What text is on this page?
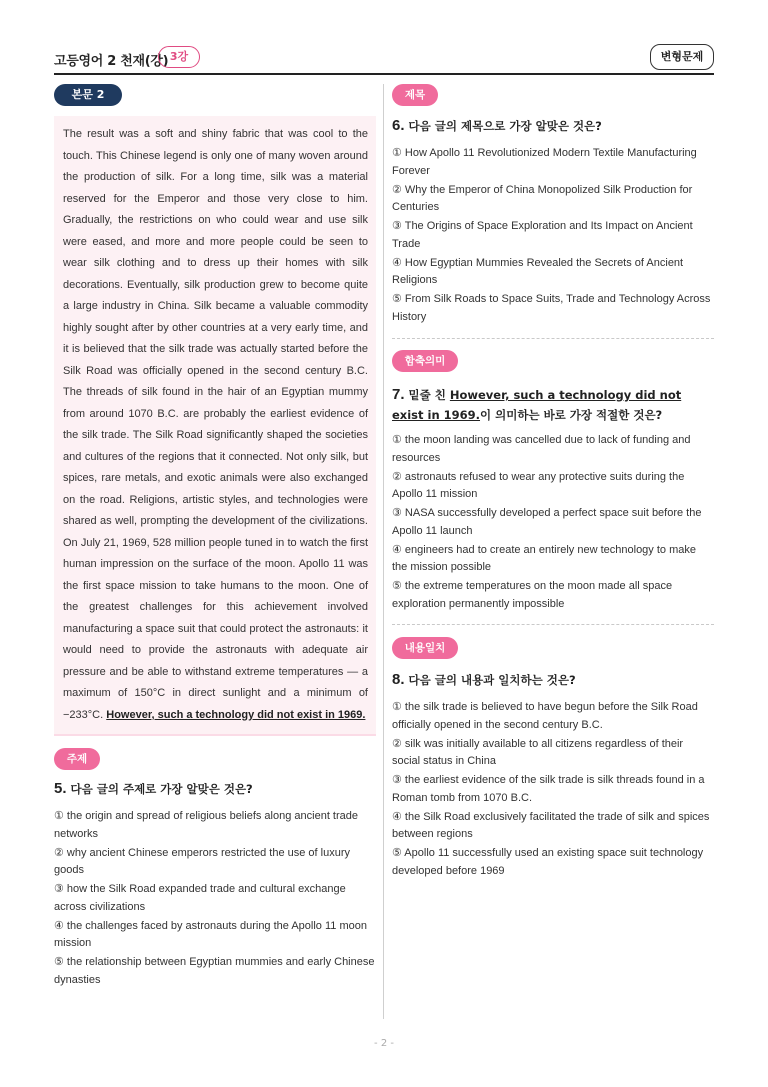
고등영어 2 천재(강) 3강	변형문제
본문 2

The result was a soft and shiny fabric that was cool to the touch. This Chinese legend is only one of many woven around the production of silk. For a long time, silk was a material reserved for the Emperor and those very close to him. Gradually, the restrictions on who could wear and use silk were eased, and more and more people could be seen to wear silk clothing and to dress up their homes with silk decorations. Eventually, silk production grew to become quite a large industry in China. Silk became a valuable commodity highly sought after by other countries at a very early time, and it is believed that the silk trade was actually started before the Silk Road was officially opened in the second century B.C. The threads of silk found in the hair of an Egyptian mummy from around 1070 B.C. are probably the earliest evidence of the silk trade. The Silk Road significantly shaped the societies and cultures of the regions that it connected. Not only silk, but spices, rare metals, and exotic animals were also exchanged on the road. Religions, artistic styles, and technologies were shared as well, prompting the development of the civilizations. On July 21, 1969, 528 million people tuned in to watch the first human impression on the surface of the moon. Apollo 11 was the first space mission to take humans to the moon. One of the greatest challenges for this achievement involved manufacturing a space suit that could protect the astronauts: it would need to provide the astronauts with adequate air pressure and be able to withstand extreme temperatures — a maximum of 150°C in direct sunlight and a minimum of −233°C. However, such a technology did not exist in 1969.

주제
5. 다음 글의 주제로 가장 알맞은 것은?
① the origin and spread of religious beliefs along ancient trade networks
② why ancient Chinese emperors restricted the use of luxury goods
③ how the Silk Road expanded trade and cultural exchange across civilizations
④ the challenges faced by astronauts during the Apollo 11 moon mission
⑤ the relationship between Egyptian mummies and early Chinese dynasties
제목
6. 다음 글의 제목으로 가장 알맞은 것은?
① How Apollo 11 Revolutionized Modern Textile Manufacturing Forever
② Why the Emperor of China Monopolized Silk Production for Centuries
③ The Origins of Space Exploration and Its Impact on Ancient Trade
④ How Egyptian Mummies Revealed the Secrets of Ancient Religions
⑤ From Silk Roads to Space Suits, Trade and Technology Across History
함축의미
7. 밑줄 친 However, such a technology did not exist in 1969.이 의미하는 바로 가장 적절한 것은?
① the moon landing was cancelled due to lack of funding and resources
② astronauts refused to wear any protective suits during the Apollo 11 mission
③ NASA successfully developed a perfect space suit before the Apollo 11 launch
④ engineers had to create an entirely new technology to make the mission possible
⑤ the extreme temperatures on the moon made all space exploration permanently impossible
내용일치
8. 다음 글의 내용과 일치하는 것은?
① the silk trade is believed to have begun before the Silk Road officially opened in the second century B.C.
② silk was initially available to all citizens regardless of their social status in China
③ the earliest evidence of the silk trade is silk threads found in a Roman tomb from 1070 B.C.
④ the Silk Road exclusively facilitated the trade of silk and spices between regions
⑤ Apollo 11 successfully used an existing space suit technology developed before 1969
- 2 -
